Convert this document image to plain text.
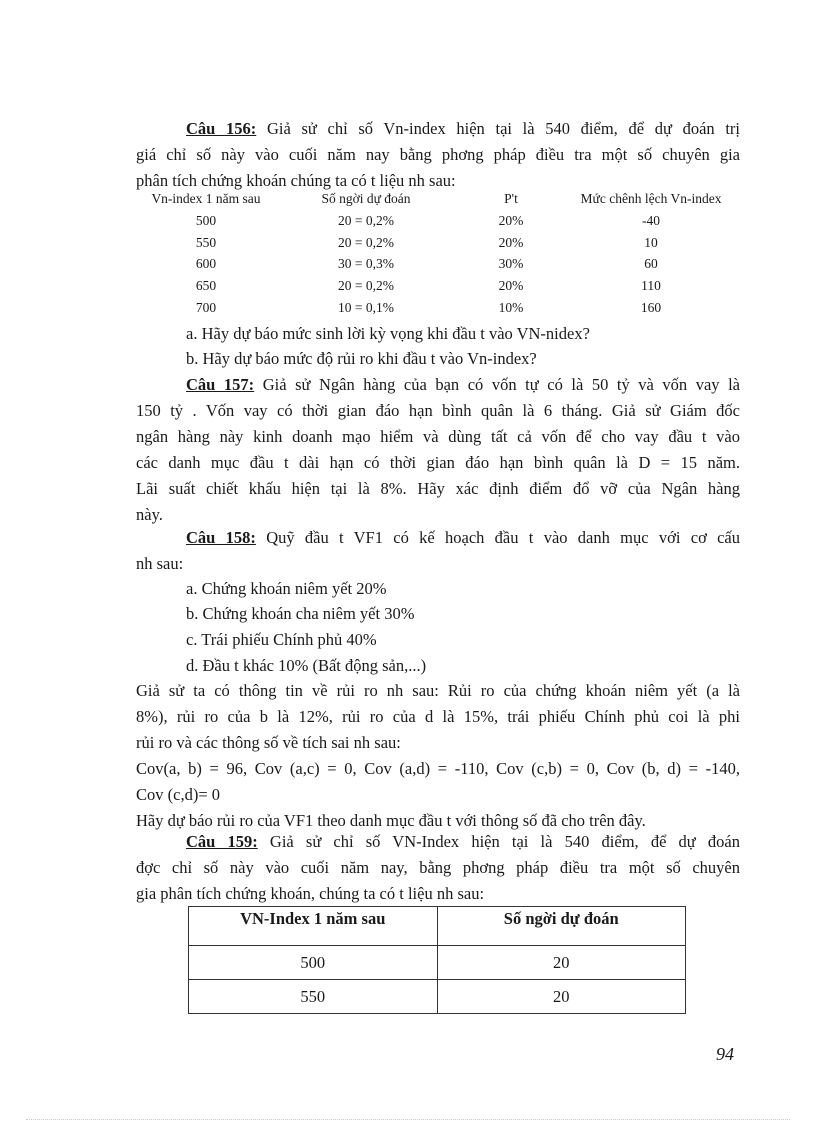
Câu 156: Giả sử chỉ số Vn-index hiện tại là 540 điểm, để dự đoán trị
giá chỉ số này vào cuối năm nay bằng phơng pháp điều tra một số chuyên gia
phân tích chứng khoán chúng ta có t liệu nh sau:

Vn-index 1 năm sau	Số ngời dự đoán	P't	Mức chênh lệch Vn-index
500	20 = 0,2%	20%	-40
550	20 = 0,2%	20%	10
600	30 = 0,3%	30%	60
650	20 = 0,2%	20%	110
700	10 = 0,1%	10%	160

a. Hãy dự báo mức sinh lời kỳ vọng khi đầu t vào VN-nidex?

b. Hãy dự báo mức độ rủi ro khi đầu t vào Vn-index?

Câu 157: Giả sử Ngân hàng của bạn có vốn tự có là 50 tỷ và vốn vay là
150 tỷ . Vốn vay có thời gian đáo hạn bình quân là 6 tháng. Giả sử Giám đốc
ngân hàng này kinh doanh mạo hiểm và dùng tất cả vốn để cho vay đầu t vào
các danh mục đầu t dài hạn có thời gian đáo hạn bình quân là D = 15 năm.
Lãi suất chiết khấu hiện tại là 8%. Hãy xác định điểm đổ vỡ của Ngân hàng
này.

Câu 158: Quỹ đầu t VF1 có kế hoạch đầu t vào danh mục với cơ cấu
nh sau:

a. Chứng khoán niêm yết 20%

b. Chứng khoán cha niêm yết 30%

c. Trái phiếu Chính phủ 40%

d. Đầu t khác 10% (Bất động sản,...)

Giả sử ta có thông tin về rủi ro nh sau: Rủi ro của chứng khoán niêm yết (a là
8%), rủi ro của b là 12%, rủi ro của d là 15%, trái phiếu Chính phủ coi là phi
rủi ro và các thông số về tích sai nh sau:
Cov(a, b) = 96, Cov (a,c) = 0, Cov (a,d) = -110, Cov (c,b) = 0, Cov (b, d) = -140,
Cov (c,d)= 0
Hãy dự báo rủi ro của VF1 theo danh mục đầu t với thông số đã cho trên đây.

Câu 159: Giả sử chỉ số VN-Index hiện tại là 540 điểm, để dự đoán
đợc chỉ số này vào cuối năm nay, bằng phơng pháp điều tra một số chuyên
gia phân tích chứng khoán, chúng ta có t liệu nh sau:

VN-Index 1 năm sau	Số ngời dự đoán
500	20
550	20
94
